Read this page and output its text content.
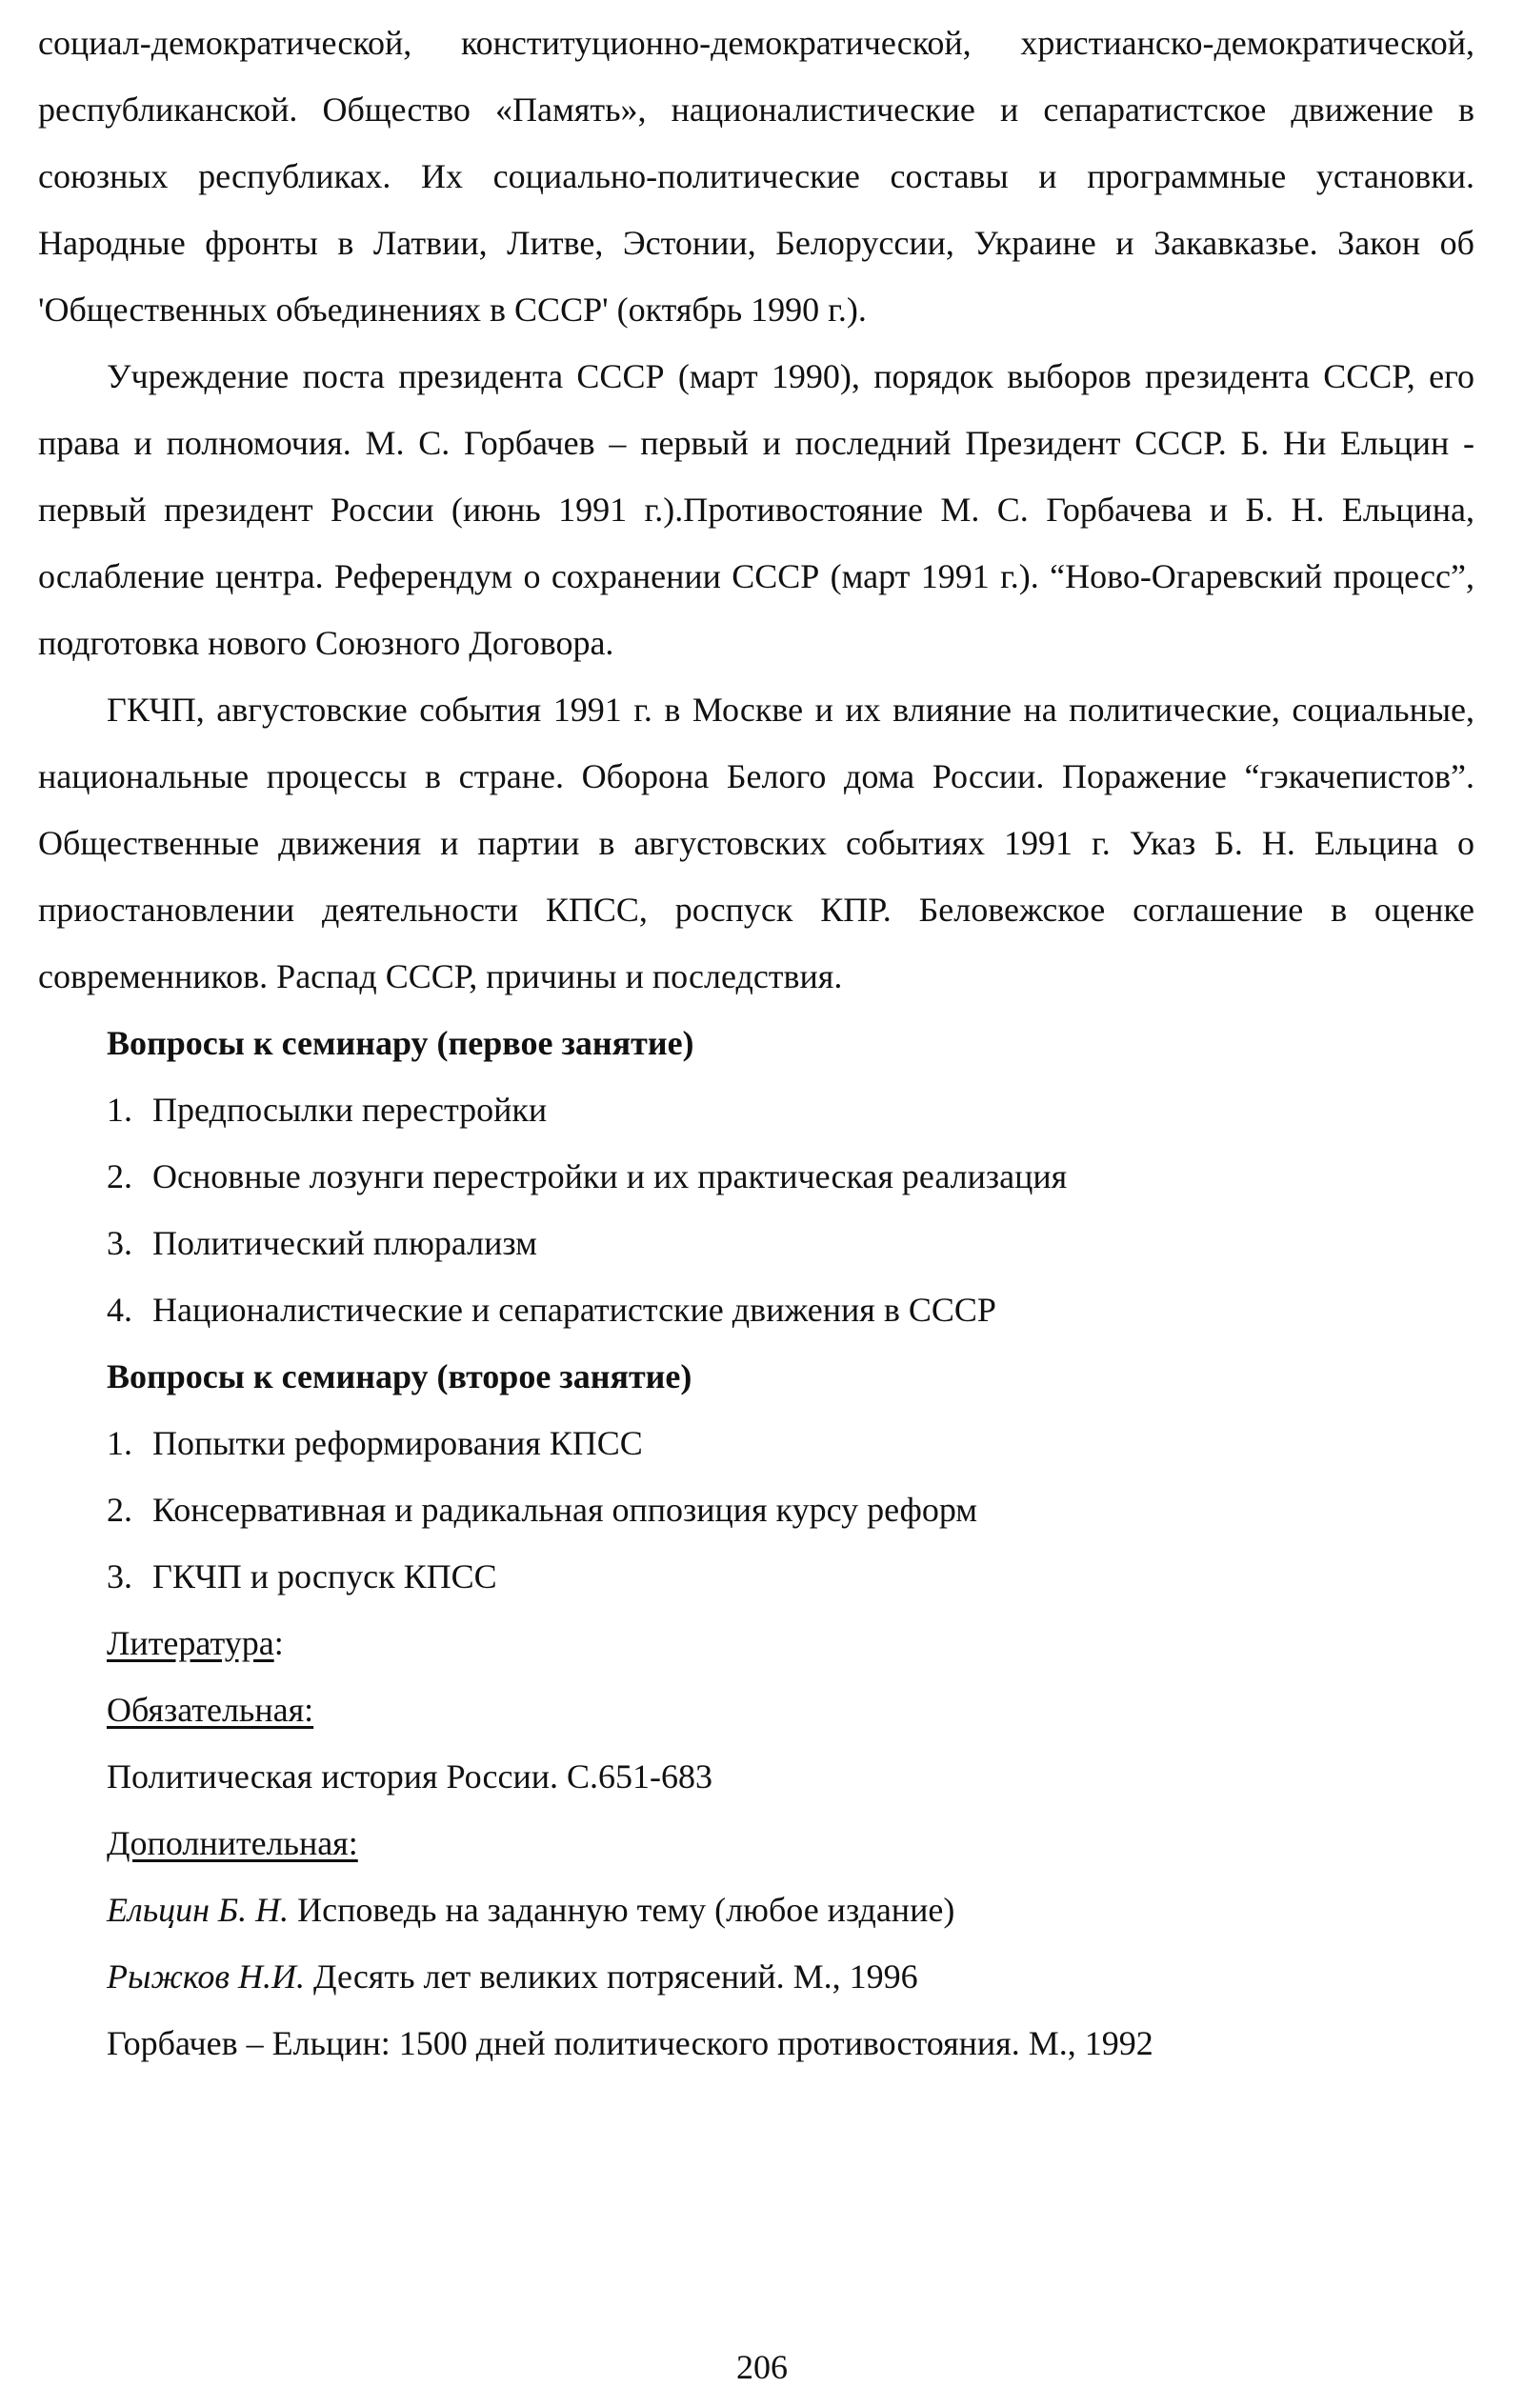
социал-демократической, конституционно-демократической, христианско-демократической, республиканской. Общество «Память», националистические и сепаратистское движение в союзных республиках. Их социально-политические составы и программные установки. Народные фронты в Латвии, Литве, Эстонии, Белоруссии, Украине и Закавказье. Закон об 'Общественных объединениях в СССР' (октябрь 1990 г.).

Учреждение поста президента СССР (март 1990), порядок выборов президента СССР, его права и полномочия. М. С. Горбачев – первый и последний Президент СССР. Б. Ни Ельцин - первый президент России (июнь 1991 г.).Противостояние М. С. Горбачева и Б. Н. Ельцина, ослабление центра. Референдум о сохранении СССР (март 1991 г.). “Ново-Огаревский процесс”, подготовка нового Союзного Договора.

ГКЧП, августовские события 1991 г. в Москве и их влияние на политические, социальные, национальные процессы в стране. Оборона Белого дома России. Поражение “гэкачепистов”. Общественные движения и партии в августовских событиях 1991 г. Указ Б. Н. Ельцина о приостановлении деятельности КПСС, роспуск КПР. Беловежское соглашение в оценке современников. Распад СССР, причины и последствия.

Вопросы к семинару (первое занятие)

1. Предпосылки перестройки
2. Основные лозунги перестройки и их практическая реализация
3. Политический плюрализм
4. Националистические и сепаратистские движения в СССР

Вопросы к семинару (второе занятие)

1. Попытки реформирования КПСС
2. Консервативная и радикальная оппозиция курсу реформ
3. ГКЧП и роспуск КПСС

Литература:

Обязательная:

Политическая история России. С.651-683

Дополнительная:

Ельцин Б. Н. Исповедь на заданную тему (любое издание)

Рыжков Н.И. Десять лет великих потрясений. М., 1996

Горбачев – Ельцин: 1500 дней политического противостояния. М., 1992

206
